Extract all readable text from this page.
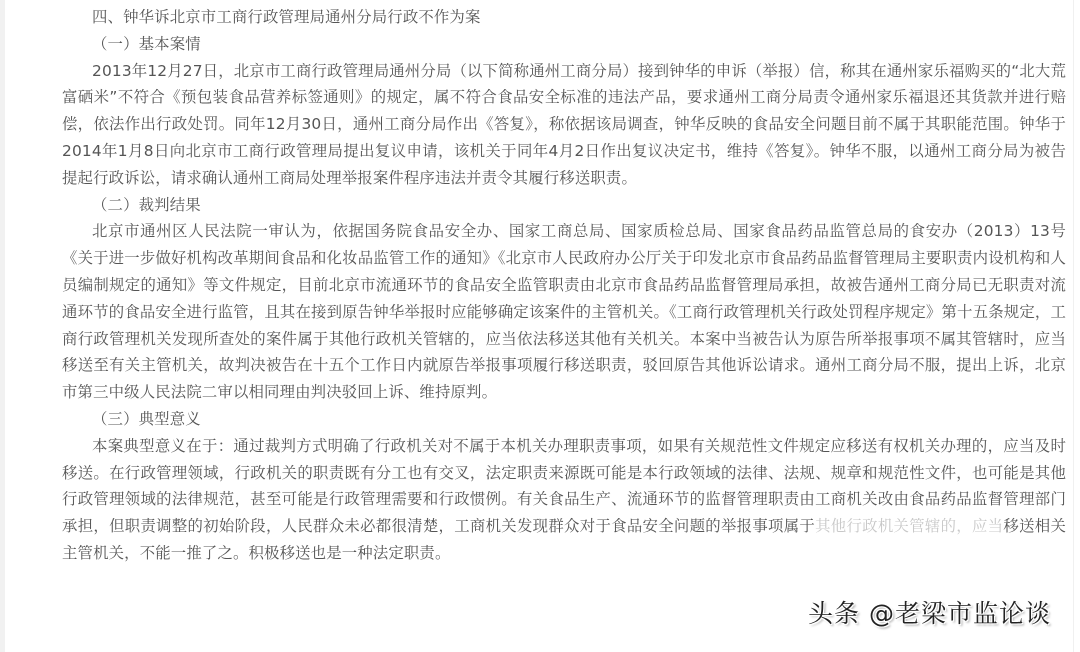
四、钟华诉北京市工商行政管理局通州分局行政不作为案

（一）基本案情

2013年12月27日，北京市工商行政管理局通州分局（以下简称通州工商分局）接到钟华的申诉（举报）信，称其在通州家乐福购买的“北大荒富硒米”不符合《预包装食品营养标签通则》的规定，属不符合食品安全标准的违法产品，要求通州工商分局责令通州家乐福退还其货款并进行赔偿，依法作出行政处罚。同年12月30日，通州工商分局作出《答复》，称依据该局调查，钟华反映的食品安全问题目前不属于其职能范围。钟华于2014年1月8日向北京市工商行政管理局提出复议申请，该机关于同年4月2日作出复议决定书，维持《答复》。钟华不服，以通州工商分局为被告提起行政诉讼，请求确认通州工商局处理举报案件程序违法并责令其履行移送职责。

（二）裁判结果

北京市通州区人民法院一审认为，依据国务院食品安全办、国家工商总局、国家质检总局、国家食品药品监管总局的食安办（2013）13号《关于进一步做好机构改革期间食品和化妆品监管工作的通知》《北京市人民政府办公厅关于印发北京市食品药品监督管理局主要职责内设机构和人员编制规定的通知》等文件规定，目前北京市流通环节的食品安全监管职责由北京市食品药品监督管理局承担，故被告通州工商分局已无职责对流通环节的食品安全进行监管，且其在接到原告钟华举报时应能够确定该案件的主管机关。《工商行政管理机关行政处罚程序规定》第十五条规定，工商行政管理机关发现所查处的案件属于其他行政机关管辖的，应当依法移送其他有关机关。本案中当被告认为原告所举报事项不属其管辖时，应当移送至有关主管机关，故判决被告在十五个工作日内就原告举报事项履行移送职责，驳回原告其他诉讼请求。通州工商分局不服，提出上诉，北京市第三中级人民法院二审以相同理由判决驳回上诉、维持原判。

（三）典型意义

本案典型意义在于：通过裁判方式明确了行政机关对不属于本机关办理职责事项，如果有关规范性文件规定应移送有权机关办理的，应当及时移送。在行政管理领域，行政机关的职责既有分工也有交叉，法定职责来源既可能是本行政领域的法律、法规、规章和规范性文件，也可能是其他行政管理领域的法律规范，甚至可能是行政管理需要和行政惯例。有关食品生产、流通环节的监督管理职责由工商机关改由食品药品监督管理部门承担，但职责调整的初始阶段，人民群众未必都很清楚，工商机关发现群众对于食品安全问题的举报事项属于其他行政机关管辖的，应当移送相关主管机关，不能一推了之。积极移送也是一种法定职责。

头条 @老梁市监论谈
